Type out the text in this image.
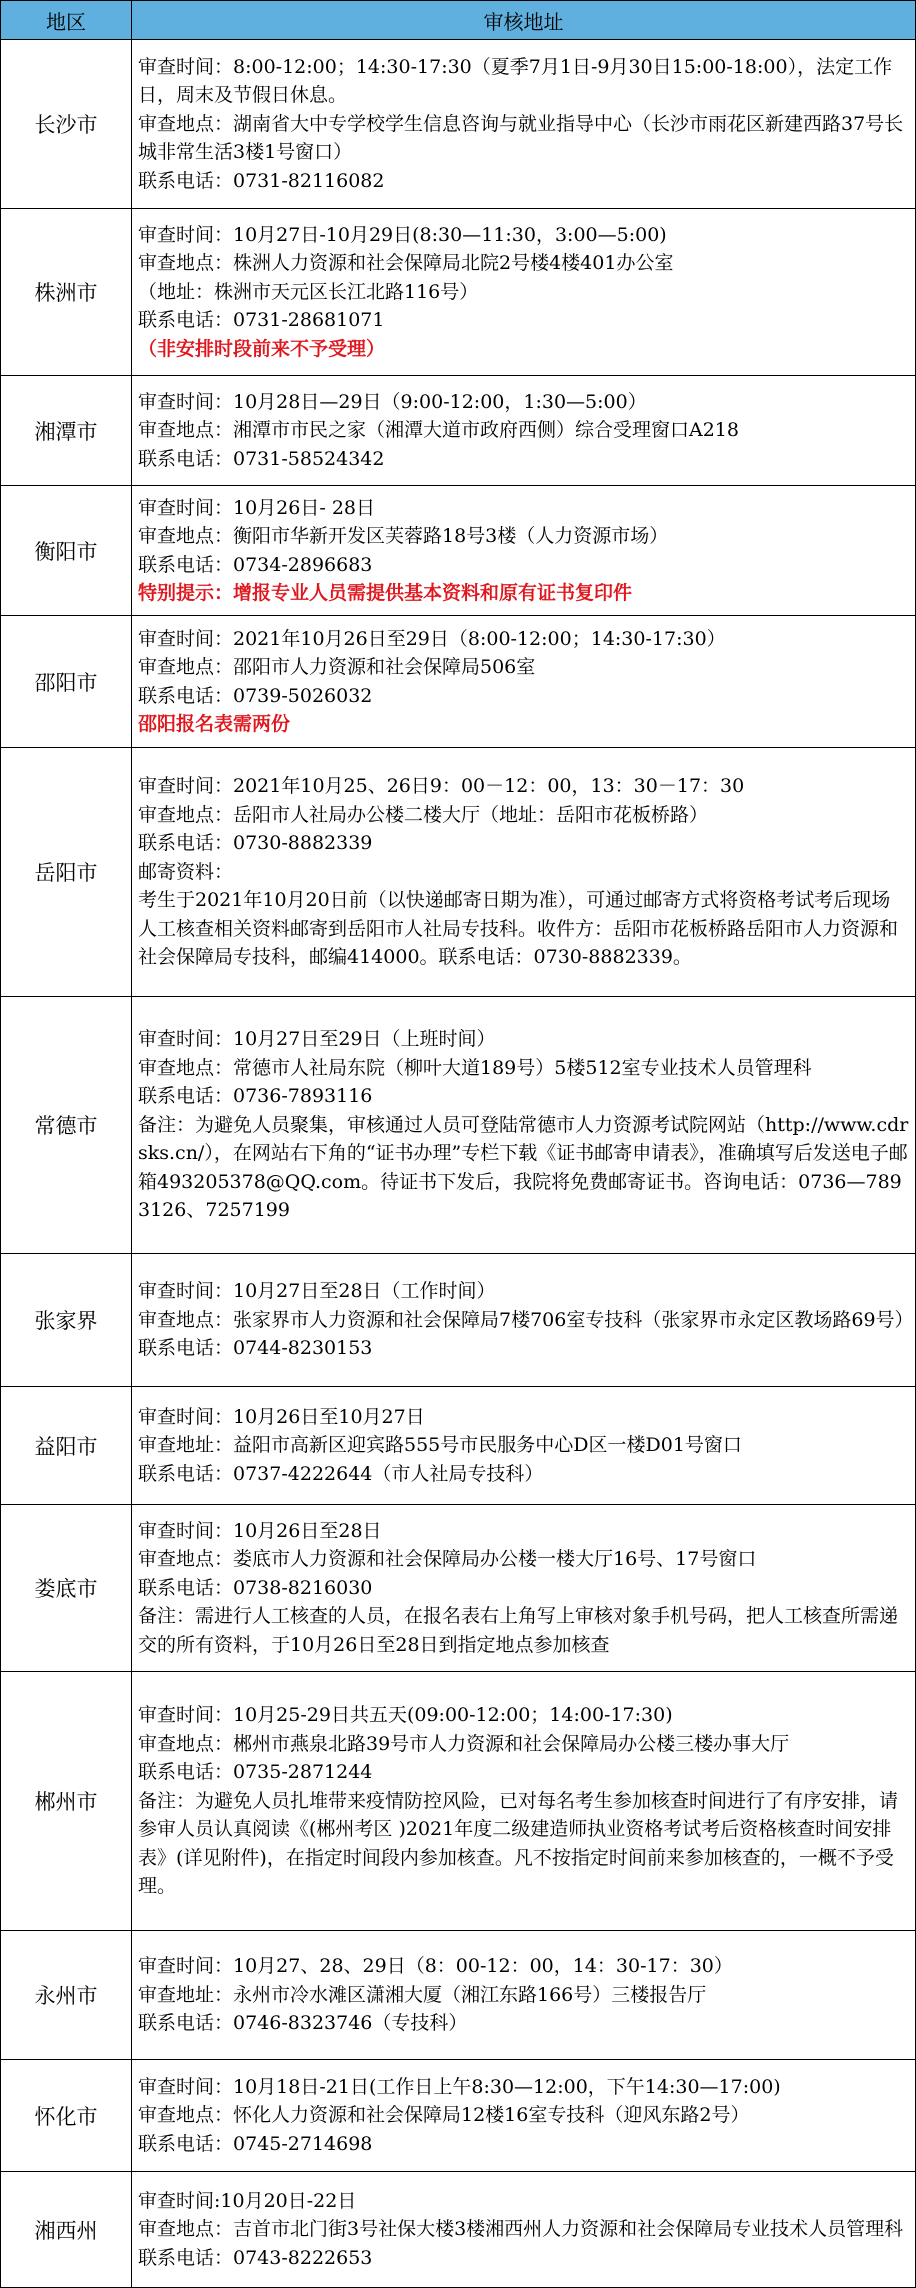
地区	审核地址
长沙市	审查时间：8:00-12:00；14:30-17:30（夏季7月1日-9月30日15:00-18:00），法定工作日，周末及节假日休息。
审查地点：湖南省大中专学校学生信息咨询与就业指导中心（长沙市雨花区新建西路37号长城非常生活3楼1号窗口）
联系电话：0731-82116082

株洲市	审查时间：10月27日-10月29日(8:30—11:30，3:00—5:00)
审查地点：株洲人力资源和社会保障局北院2号楼4楼401办公室
（地址：株洲市天元区长江北路116号）
联系电话：0731-28681071
（非安排时段前来不予受理）

湘潭市	审查时间：10月28日—29日（9:00-12:00，1:30—5:00）
审查地点：湘潭市市民之家（湘潭大道市政府西侧）综合受理窗口A218
联系电话：0731-58524342

衡阳市	审查时间：10月26日- 28日
审查地点：衡阳市华新开发区芙蓉路18号3楼（人力资源市场）
联系电话：0734-2896683
特别提示：增报专业人员需提供基本资料和原有证书复印件

邵阳市	审查时间：2021年10月26日至29日（8:00-12:00；14:30-17:30）
审查地点：邵阳市人力资源和社会保障局506室
联系电话：0739-5026032
邵阳报名表需两份

岳阳市	审查时间：2021年10月25、26日9：00－12：00，13：30－17：30
审查地点：岳阳市人社局办公楼二楼大厅（地址：岳阳市花板桥路）
联系电话：0730-8882339
邮寄资料：
考生于2021年10月20日前（以快递邮寄日期为准），可通过邮寄方式将资格考试考后现场人工核查相关资料邮寄到岳阳市人社局专技科。收件方：岳阳市花板桥路岳阳市人力资源和社会保障局专技科，邮编414000。联系电话：0730-8882339。

常德市	审查时间：10月27日至29日（上班时间）
审查地点：常德市人社局东院（柳叶大道189号）5楼512室专业技术人员管理科
联系电话：0736-7893116
备注：为避免人员聚集，审核通过人员可登陆常德市人力资源考试院网站（http://www.cdrsks.cn/），在网站右下角的“证书办理”专栏下载《证书邮寄申请表》，准确填写后发送电子邮箱493205378@QQ.com。待证书下发后，我院将免费邮寄证书。咨询电话：0736—7893126、7257199

张家界	审查时间：10月27日至28日（工作时间）
审查地点：张家界市人力资源和社会保障局7楼706室专技科（张家界市永定区教场路69号）
联系电话：0744-8230153

益阳市	审查时间：10月26日至10月27日
审查地址：益阳市高新区迎宾路555号市民服务中心D区一楼D01号窗口
联系电话：0737-4222644（市人社局专技科）

娄底市	审查时间：10月26日至28日
审查地点：娄底市人力资源和社会保障局办公楼一楼大厅16号、17号窗口
联系电话：0738-8216030
备注：需进行人工核查的人员，在报名表右上角写上审核对象手机号码，把人工核查所需递交的所有资料，于10月26日至28日到指定地点参加核查

郴州市	审查时间：10月25-29日共五天(09:00-12:00；14:00-17:30)
审查地点：郴州市燕泉北路39号市人力资源和社会保障局办公楼三楼办事大厅
联系电话：0735-2871244
备注：为避免人员扎堆带来疫情防控风险，已对每名考生参加核查时间进行了有序安排，请参审人员认真阅读《(郴州考区 )2021年度二级建造师执业资格考试考后资格核查时间安排表》(详见附件)，在指定时间段内参加核查。凡不按指定时间前来参加核查的，一概不予受理。

永州市	审查时间：10月27、28、29日（8：00-12：00，14：30-17：30）
审查地址：永州市冷水滩区潇湘大厦（湘江东路166号）三楼报告厅
联系电话：0746-8323746（专技科）

怀化市	审查时间：10月18日-21日(工作日上午8:30—12:00，下午14:30—17:00)
审查地点：怀化人力资源和社会保障局12楼16室专技科（迎风东路2号）
联系电话：0745-2714698

湘西州	审查时间:10月20日-22日
审查地点：吉首市北门街3号社保大楼3楼湘西州人力资源和社会保障局专业技术人员管理科
联系电话：0743-8222653
